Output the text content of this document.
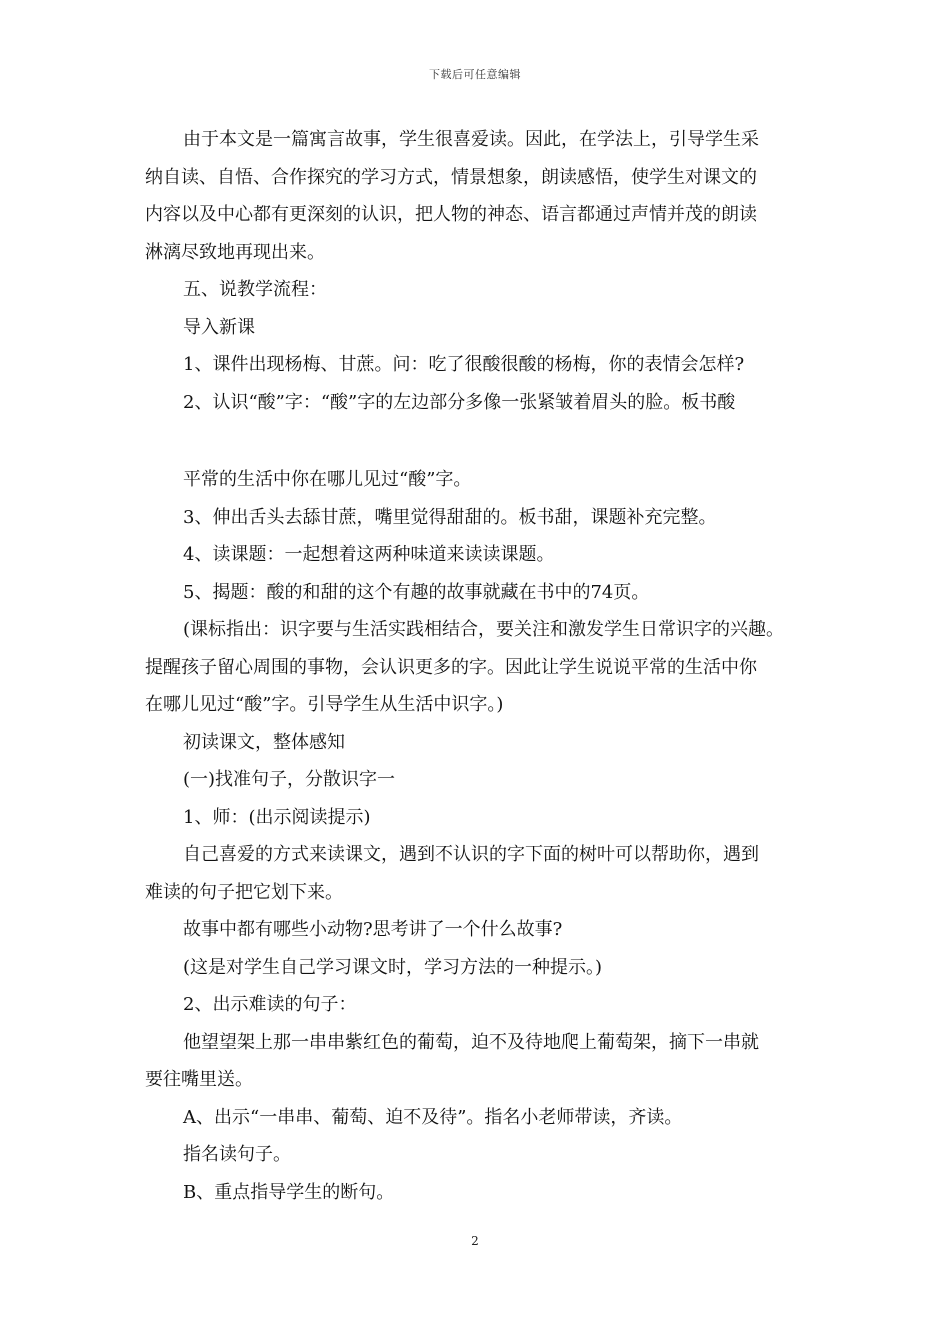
下载后可任意编辑

由于本文是一篇寓言故事，学生很喜爱读。因此，在学法上，引导学生采

纳自读、自悟、合作探究的学习方式，情景想象，朗读感悟，使学生对课文的

内容以及中心都有更深刻的认识，把人物的神态、语言都通过声情并茂的朗读

淋漓尽致地再现出来。

五、说教学流程：

导入新课

1、课件出现杨梅、甘蔗。问：吃了很酸很酸的杨梅，你的表情会怎样?

2、认识“酸”字：“酸”字的左边部分多像一张紧皱着眉头的脸。板书酸

平常的生活中你在哪儿见过“酸”字。

3、伸出舌头去舔甘蔗，嘴里觉得甜甜的。板书甜，课题补充完整。

4、读课题：一起想着这两种味道来读读课题。

5、揭题：酸的和甜的这个有趣的故事就藏在书中的74页。

(课标指出：识字要与生活实践相结合，要关注和激发学生日常识字的兴趣。

提醒孩子留心周围的事物，会认识更多的字。因此让学生说说平常的生活中你

在哪儿见过“酸”字。引导学生从生活中识字。)

初读课文，整体感知

(一)找准句子，分散识字一

1、师：(出示阅读提示)

自己喜爱的方式来读课文，遇到不认识的字下面的树叶可以帮助你，遇到

难读的句子把它划下来。

故事中都有哪些小动物?思考讲了一个什么故事?

(这是对学生自己学习课文时，学习方法的一种提示。)

2、出示难读的句子：

他望望架上那一串串紫红色的葡萄，迫不及待地爬上葡萄架，摘下一串就

要往嘴里送。

A、出示“一串串、葡萄、迫不及待”。指名小老师带读，齐读。

指名读句子。

B、重点指导学生的断句。

2
